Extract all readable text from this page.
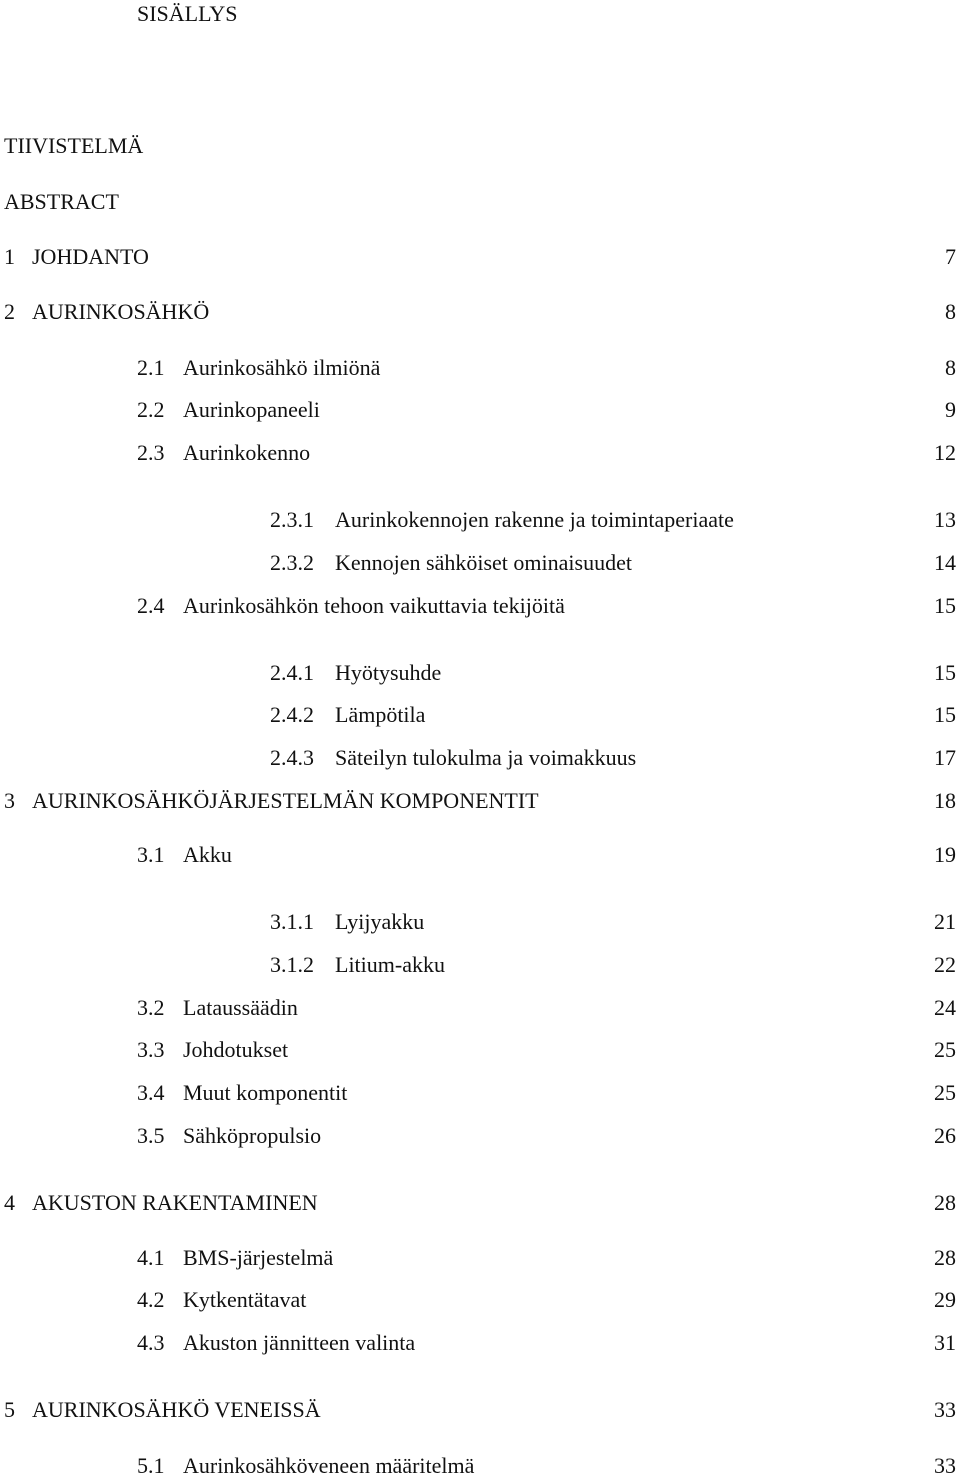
SISÄLLYS
TIIVISTELMÄ
ABSTRACT
1 JOHDANTO	7
2 AURINKOSÄHKÖ	8
2.1 Aurinkosähkö ilmiönä	8
2.2 Aurinkopaneeli	9
2.3 Aurinkokenno	12
2.3.1 Aurinkokennojen rakenne ja toimintaperiaate	13
2.3.2 Kennojen sähköiset ominaisuudet	14
2.4 Aurinkosähkön tehoon vaikuttavia tekijöitä	15
2.4.1 Hyötysuhde	15
2.4.2 Lämpötila	15
2.4.3 Säteilyn tulokulma ja voimakkuus	17
3 AURINKOSÄHKÖJÄRJESTELMÄN KOMPONENTIT	18
3.1 Akku	19
3.1.1 Lyijyakku	21
3.1.2 Litium-akku	22
3.2 Lataussäädin	24
3.3 Johdotukset	25
3.4 Muut komponentit	25
3.5 Sähköpropulsio	26
4 AKUSTON RAKENTAMINEN	28
4.1 BMS-järjestelmä	28
4.2 Kytkentätavat	29
4.3 Akuston jännitteen valinta	31
5 AURINKOSÄHKÖ VENEISSÄ	33
5.1 Aurinkosähköveneen määritelmä	33
